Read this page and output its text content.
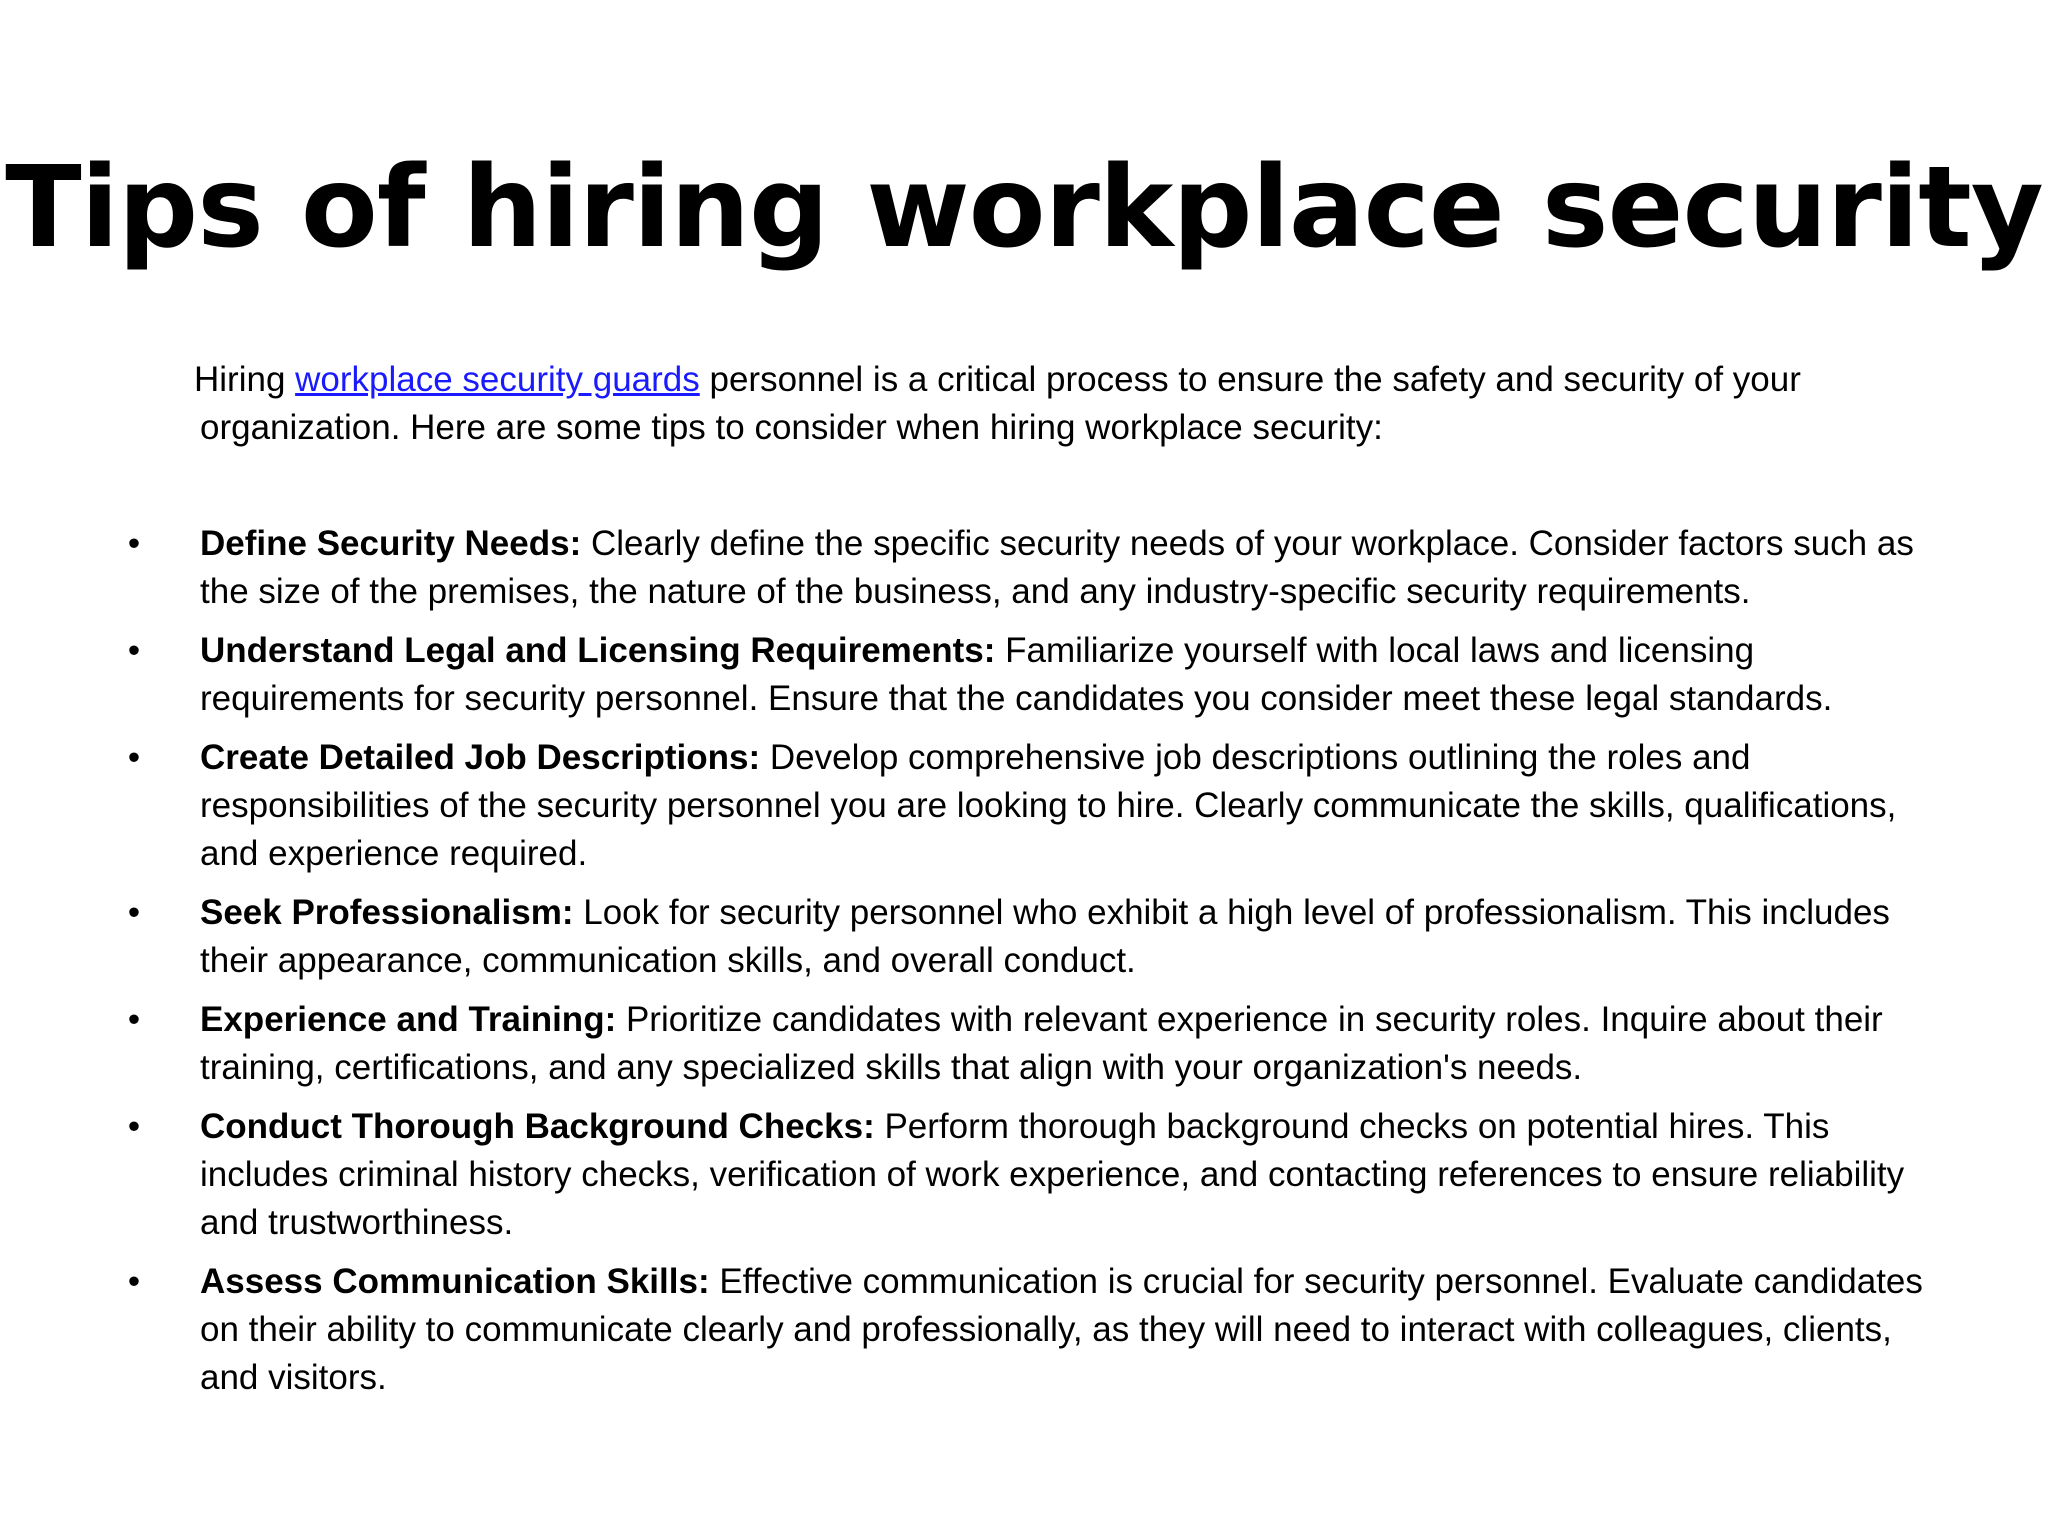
Tips of hiring workplace security

Hiring workplace security guards personnel is a critical process to ensure the safety and security of your organization. Here are some tips to consider when hiring workplace security:

• Define Security Needs: Clearly define the specific security needs of your workplace. Consider factors such as the size of the premises, the nature of the business, and any industry-specific security requirements.
• Understand Legal and Licensing Requirements: Familiarize yourself with local laws and licensing requirements for security personnel. Ensure that the candidates you consider meet these legal standards.
• Create Detailed Job Descriptions: Develop comprehensive job descriptions outlining the roles and responsibilities of the security personnel you are looking to hire. Clearly communicate the skills, qualifications, and experience required.
• Seek Professionalism: Look for security personnel who exhibit a high level of professionalism. This includes their appearance, communication skills, and overall conduct.
• Experience and Training: Prioritize candidates with relevant experience in security roles. Inquire about their training, certifications, and any specialized skills that align with your organization's needs.
• Conduct Thorough Background Checks: Perform thorough background checks on potential hires. This includes criminal history checks, verification of work experience, and contacting references to ensure reliability and trustworthiness.
• Assess Communication Skills: Effective communication is crucial for security personnel. Evaluate candidates on their ability to communicate clearly and professionally, as they will need to interact with colleagues, clients, and visitors.
